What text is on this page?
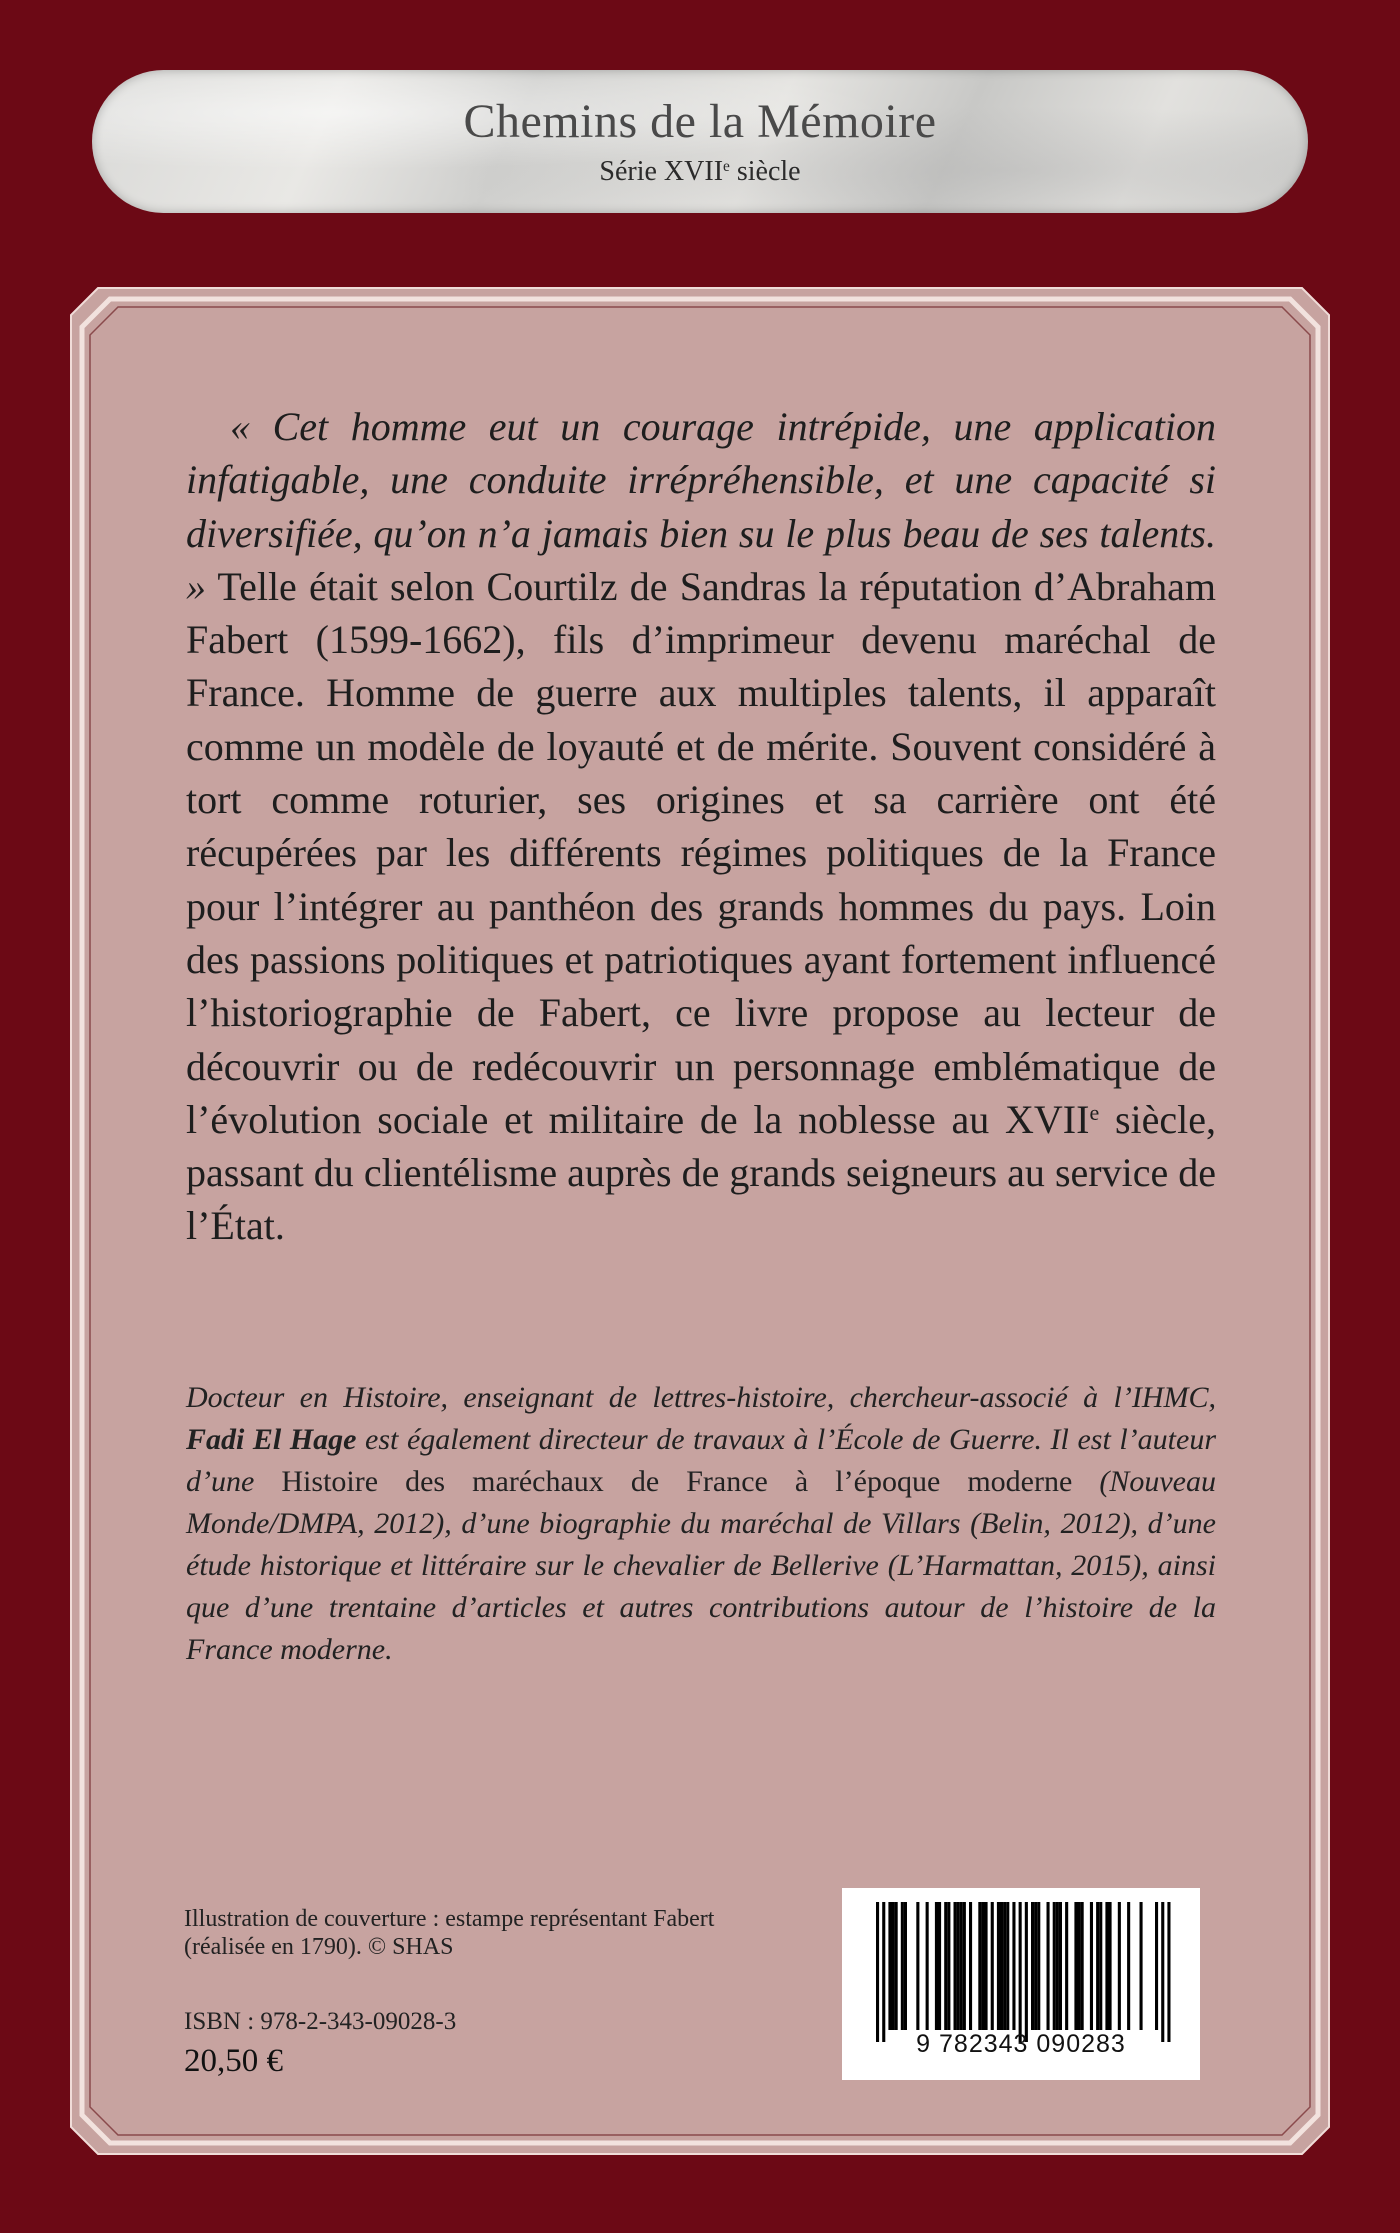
Chemins de la Mémoire
Série XVIIe siècle

« Cet homme eut un courage intrépide, une application infatigable, une conduite irrépréhensible, et une capacité si diversifiée, qu’on n’a jamais bien su le plus beau de ses talents. » Telle était selon Courtilz de Sandras la réputation d’Abraham Fabert (1599-1662), fils d’imprimeur devenu maréchal de France. Homme de guerre aux multiples talents, il apparaît comme un modèle de loyauté et de mérite. Souvent considéré à tort comme roturier, ses origines et sa carrière ont été récupérées par les différents régimes politiques de la France pour l’intégrer au panthéon des grands hommes du pays. Loin des passions politiques et patriotiques ayant fortement influencé l’historiographie de Fabert, ce livre propose au lecteur de découvrir ou de redécouvrir un personnage emblématique de l’évolution sociale et militaire de la noblesse au XVIIe siècle, passant du clientélisme auprès de grands seigneurs au service de l’État.

Docteur en Histoire, enseignant de lettres-histoire, chercheur-associé à l’IHMC, Fadi El Hage est également directeur de travaux à l’École de Guerre. Il est l’auteur d’une Histoire des maréchaux de France à l’époque moderne (Nouveau Monde/DMPA, 2012), d’une biographie du maréchal de Villars (Belin, 2012), d’une étude historique et littéraire sur le chevalier de Bellerive (L’Harmattan, 2015), ainsi que d’une trentaine d’articles et autres contributions autour de l’histoire de la France moderne.

Illustration de couverture : estampe représentant Fabert (réalisée en 1790). © SHAS
ISBN : 978-2-343-09028-3
20,50 €	9 782343 090283
